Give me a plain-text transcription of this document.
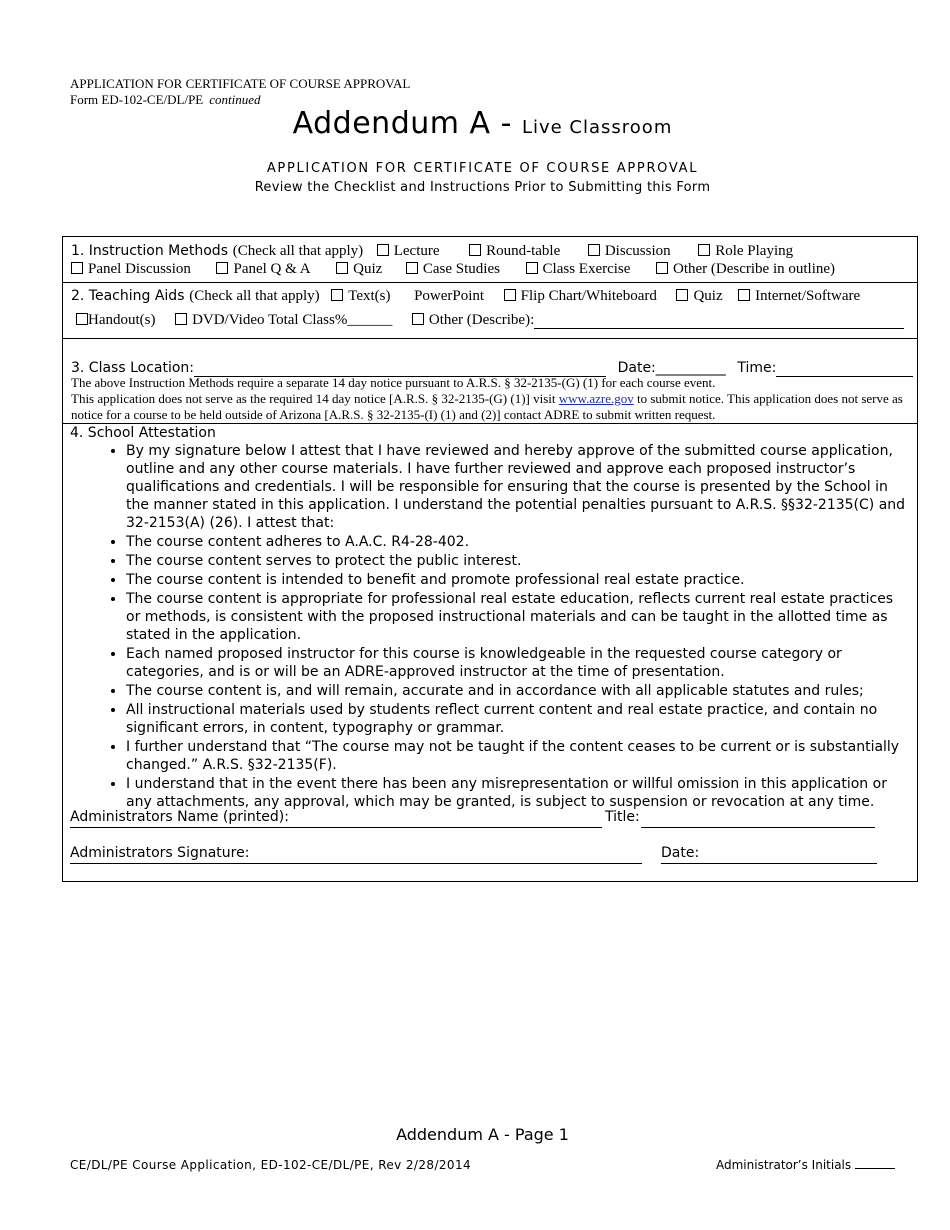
APPLICATION FOR CERTIFICATE OF COURSE APPROVAL
Form ED-102-CE/DL/PE continued
Addendum A - Live Classroom
APPLICATION FOR CERTIFICATE OF COURSE APPROVAL
Review the Checklist and Instructions Prior to Submitting this Form
1. Instruction Methods (Check all that apply) Lecture	Round-table	Discussion	Role Playing
Panel Discussion	Panel Q & A	Quiz	Case Studies	Class Exercise	Other (Describe in outline)
2. Teaching Aids (Check all that apply) Text(s) PowerPoint Flip Chart/Whiteboard Quiz Internet/Software
Handout(s) DVD/Video Total Class%______ Other (Describe):
3. Class Location:	Date:__________ Time:
The above Instruction Methods require a separate 14 day notice pursuant to A.R.S. § 32-2135-(G) (1) for each course event.
This application does not serve as the required 14 day notice [A.R.S. § 32-2135-(G) (1)] visit www.azre.gov to submit notice. This application does not serve as notice for a course to be held outside of Arizona [A.R.S. § 32-2135-(I) (1) and (2)] contact ADRE to submit written request.
4. School Attestation
• By my signature below I attest that I have reviewed and hereby approve of the submitted course application, outline and any other course materials. I have further reviewed and approve each proposed instructor’s qualifications and credentials. I will be responsible for ensuring that the course is presented by the School in the manner stated in this application. I understand the potential penalties pursuant to A.R.S. §§32-2135(C) and 32-2153(A) (26). I attest that:
• The course content adheres to A.A.C. R4-28-402.
• The course content serves to protect the public interest.
• The course content is intended to benefit and promote professional real estate practice.
• The course content is appropriate for professional real estate education, reflects current real estate practices or methods, is consistent with the proposed instructional materials and can be taught in the allotted time as stated in the application.
• Each named proposed instructor for this course is knowledgeable in the requested course category or categories, and is or will be an ADRE-approved instructor at the time of presentation.
• The course content is, and will remain, accurate and in accordance with all applicable statutes and rules;
• All instructional materials used by students reflect current content and real estate practice, and contain no significant errors, in content, typography or grammar.
• I further understand that “The course may not be taught if the content ceases to be current or is substantially changed.” A.R.S. §32-2135(F).
• I understand that in the event there has been any misrepresentation or willful omission in this application or any attachments, any approval, which may be granted, is subject to suspension or revocation at any time.
Administrators Name (printed):	Title:
Administrators Signature:	Date:
Addendum A - Page 1
CE/DL/PE Course Application, ED-102-CE/DL/PE, Rev 2/28/2014	Administrator’s Initials
